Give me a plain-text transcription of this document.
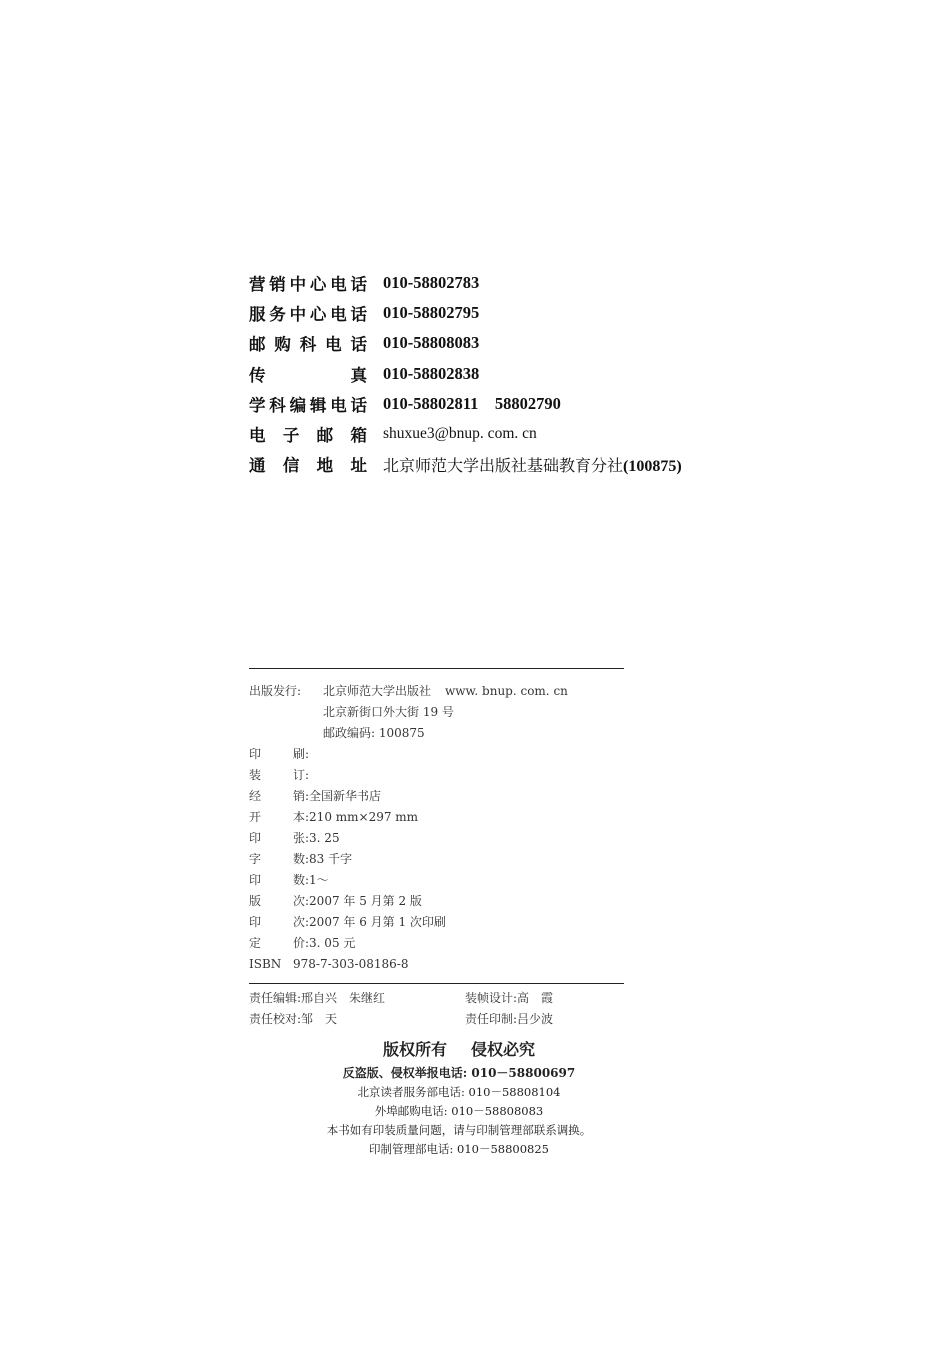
营 销 中 心 电 话 010-58802783
服 务 中 心 电 话 010-58802795
邮 购 科 电 话 010-58808083
传	真 010-58802838
学 科 编 辑 电 话 010-58802811    58802790
电 子 邮 箱 shuxue3@bnup. com. cn
通 信 地 址 北京师范大学出版社基础教育分社(100875)
出版发行:	北京师范大学出版社 www. bnup. com. cn
北京新街口外大街 19 号
邮政编码: 100875
印	刷 :
装	订 :
经	销 : 全国新华书店
开	本 : 210 mm×297 mm
印	张 : 3. 25
字	数 : 83 千字
印	数 : 1～
版	次 : 2007 年 5 月第 2 版
印	次 : 2007 年 6 月第 1 次印刷
定	价 : 3. 05 元
ISBN 978-7-303-08186-8
责任编辑:邢自兴　朱继红	装帧设计:高　霞
责任校对:邹　天	责任印制:吕少波
版权所有 侵权必究
反盗版、侵权举报电话: 010－58800697
北京读者服务部电话: 010－58808104
外埠邮购电话: 010－58808083
本书如有印装质量问题，请与印制管理部联系调换。
印制管理部电话: 010－58800825
